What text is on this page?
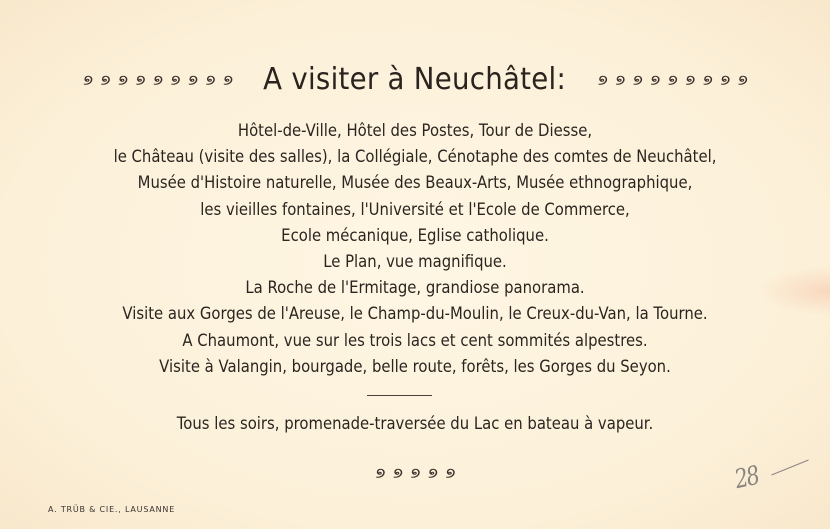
୭ ୭ ୭ ୭ ୭ ୭ ୭ ୭ ୭ A visiter à Neuchâtel:	୭ ୭ ୭ ୭ ୭ ୭ ୭ ୭ ୭
Hôtel-de-Ville, Hôtel des Postes, Tour de Diesse,
le Château (visite des salles), la Collégiale, Cénotaphe des comtes de Neuchâtel,
Musée d'Histoire naturelle, Musée des Beaux-Arts, Musée ethnographique,
les vieilles fontaines, l'Université et l'Ecole de Commerce,
Ecole mécanique, Eglise catholique.
Le Plan, vue magnifique.
La Roche de l'Ermitage, grandiose panorama.
Visite aux Gorges de l'Areuse, le Champ-du-Moulin, le Creux-du-Van, la Tourne.
A Chaumont, vue sur les trois lacs et cent sommités alpestres.
Visite à Valangin, bourgade, belle route, forêts, les Gorges du Seyon.
Tous les soirs, promenade-traversée du Lac en bateau à vapeur.
୭ ୭ ୭ ୭ ୭
A. TRÜB & CIE., LAUSANNE
28
